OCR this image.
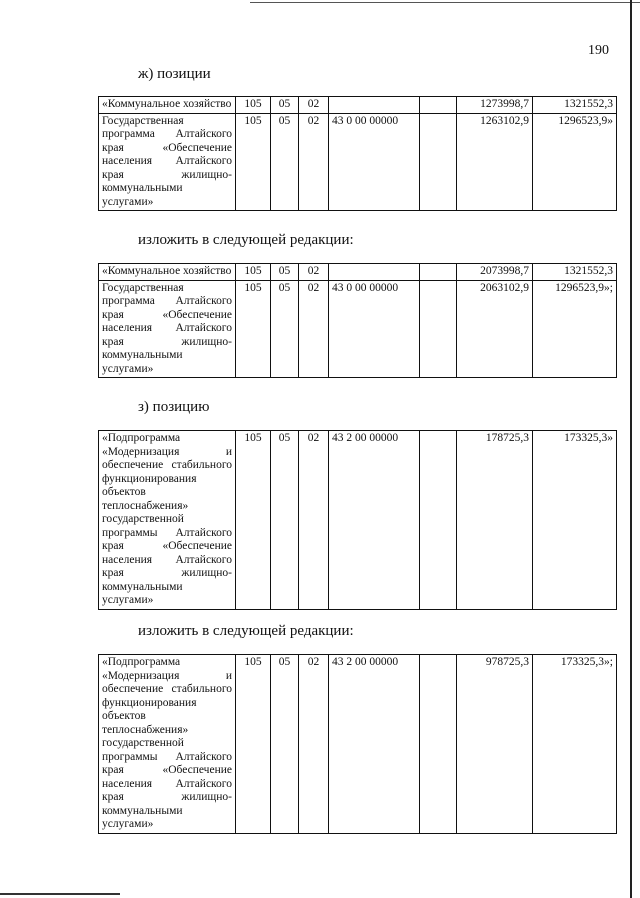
190
ж) позиции
«Коммунальное хозяйство	105	05	02			1273998,7	1321552,3
Государственная программа Алтайского края «Обеспечение населения Алтайского края жилищно-коммунальными услугами»	105	05	02	43 0 00 00000		1263102,9	1296523,9»
изложить в следующей редакции:
«Коммунальное хозяйство	105	05	02			2073998,7	1321552,3
Государственная программа Алтайского края «Обеспечение населения Алтайского края жилищно-коммунальными услугами»	105	05	02	43 0 00 00000		2063102,9	1296523,9»;
з) позицию
«Подпрограмма «Модернизация и обеспечение стабильного функционирования объектов теплоснабжения» государственной программы Алтайского края «Обеспечение населения Алтайского края жилищно-коммунальными услугами»	105	05	02	43 2 00 00000		178725,3	173325,3»
изложить в следующей редакции:
«Подпрограмма «Модернизация и обеспечение стабильного функционирования объектов теплоснабжения» государственной программы Алтайского края «Обеспечение населения Алтайского края жилищно-коммунальными услугами»	105	05	02	43 2 00 00000		978725,3	173325,3»;
